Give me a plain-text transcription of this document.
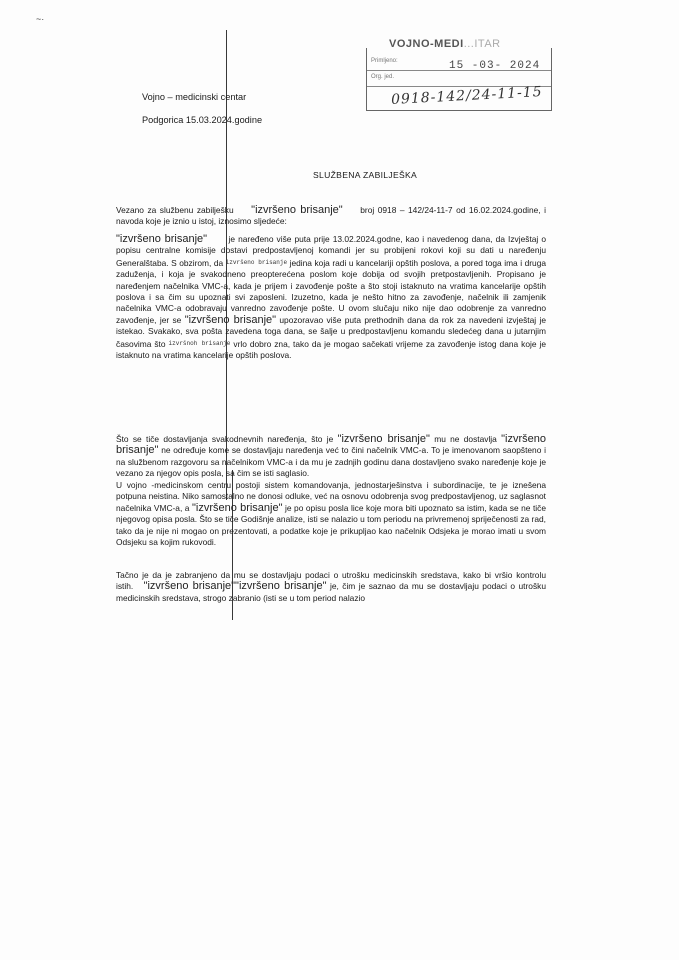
~·
VOJNO-MEDI...ITAR
Primljeno:
Org. jed.
15 -03- 2024
0918-142/24-11-15
Vojno – medicinski centar
Podgorica 15.03.2024.godine
SLUŽBENA ZABILJEŠKA
Vezano za službenu zabilješku "izvršeno brisanje" broj 0918 – 142/24-11-7 od 16.02.2024.godine, i navoda koje je iznio u istoj, iznosimo sljedeće:
"izvršeno brisanje"	je naređeno više puta prije 13.02.2024.godne, kao i navedenog dana, da Izvještaj o popisu centralne komisije dostavi predpostavljenoj komandi jer su probijeni rokovi koji su dati u naređenju Generalštaba. S obzirom, da $^{izvršeno brisanje}$ jedina koja radi u kancelariji opštih poslova, a pored toga ima i druga zaduženja, i koja je svakodneno preopterećena poslom koje dobija od svojih pretpostavljenih. Propisano je naređenjem načelnika VMC-a, kada je prijem i zavođenje pošte a što stoji istaknuto na vratima kancelarije opštih poslova i sa čim su upoznati svi zaposleni. Izuzetno, kada je nešto hitno za zavođenje, načelnik ili zamjenik načelnika VMC-a odobravaju vanredno zavođenje pošte. U ovom slučaju niko nije dao odobrenje za vanredno zavođenje, jer se "izvršeno brisanje" upozoravao više puta prethodnih dana da rok za navedeni izvještaj je istekao. Svakako, sva pošta zavedena toga dana, se šalje u predpostavljenu komandu sledećeg dana u jutarnjim časovima što $^{izvršnoh brisanje}$ vrlo dobro zna, tako da je mogao sačekati vrijeme za zavođenje istog dana koje je istaknuto na vratima kancelarije opštih poslova.
Što se tiče dostavljanja svakodnevnih naređenja, što je "izvršeno brisanje" mu ne dostavlja "izvršeno brisanje" ne određuje kome se dostavljaju naređenja već to čini načelnik VMC-a. To je imenovanom saopšteno i na službenom razgovoru sa načelnikom VMC-a i da mu je zadnjih godinu dana dostavljeno svako naređenje koje je vezano za njegov opis posla, sa čim se isti saglasio.
U vojno -medicinskom centru postoji sistem komandovanja, jednostarješinstva i subordinacije, te je iznešena potpuna neistina. Niko samostalno ne donosi odluke, već na osnovu odobrenja svog predpostavljenog, uz saglasnot načelnika VMC-a, a "izvršeno brisanje" je po opisu posla lice koje mora biti upoznato sa istim, kada se ne tiče njegovog opisa posla. Što se tiče Godišnje analize, isti se nalazio u tom periodu na privremenoj spriječenosti za rad, tako da je nije ni mogao on prezentovati, a podatke koje je prikupljao kao načelnik Odsjeka je morao imati u svom Odsjeku sa kojim rukovodi.
Tačno je da je zabranjeno da mu se dostavljaju podaci o utrošku medicinskih sredstava, kako bi vršio kontrolu istih. "izvršeno brisanje""izvršeno brisanje" je, čim je saznao da mu se dostavljaju podaci o utrošku medicinskih sredstava, strogo zabranio (isti se u tom period nalazio
